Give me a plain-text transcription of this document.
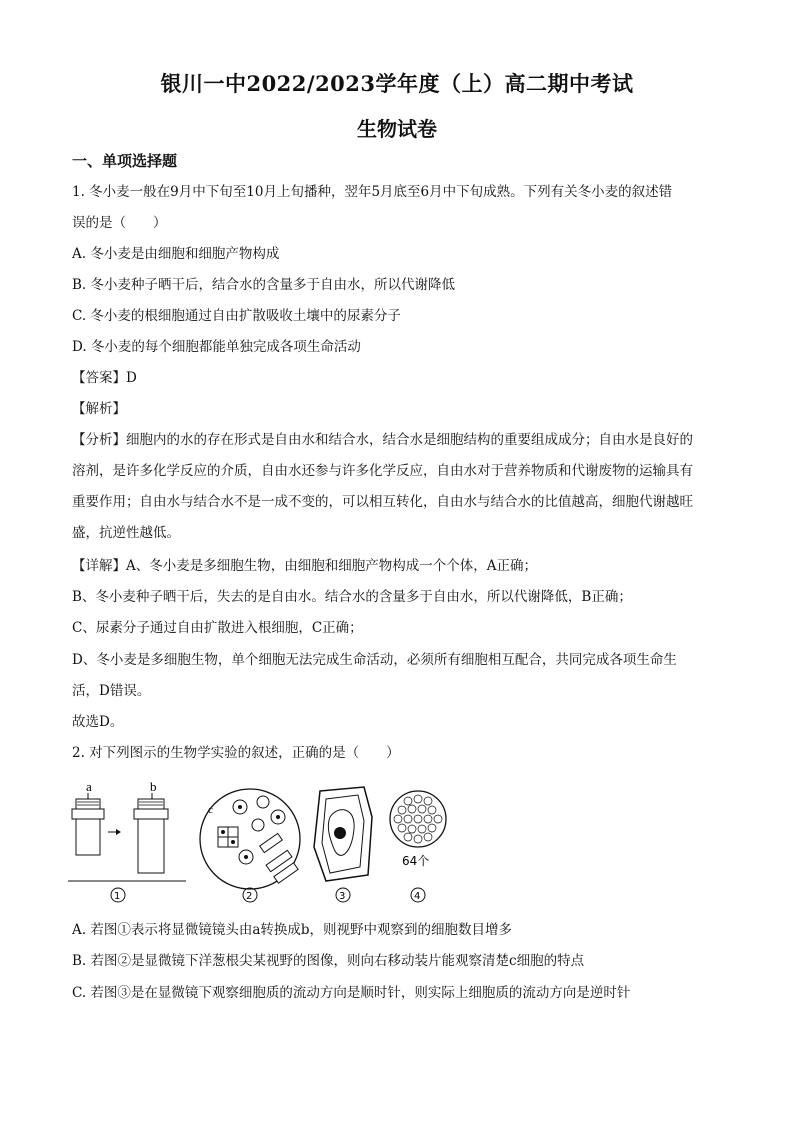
银川一中2022/2023学年度（上）高二期中考试
生物试卷
一、单项选择题
1. 冬小麦一般在9月中下旬至10月上旬播种，翌年5月底至6月中下旬成熟。下列有关冬小麦的叙述错
误的是（　　）
A. 冬小麦是由细胞和细胞产物构成
B. 冬小麦种子晒干后，结合水的含量多于自由水，所以代谢降低
C. 冬小麦的根细胞通过自由扩散吸收土壤中的尿素分子
D. 冬小麦的每个细胞都能单独完成各项生命活动
【答案】D
【解析】
【分析】细胞内的水的存在形式是自由水和结合水，结合水是细胞结构的重要组成成分；自由水是良好的
溶剂，是许多化学反应的介质，自由水还参与许多化学反应，自由水对于营养物质和代谢废物的运输具有
重要作用；自由水与结合水不是一成不变的，可以相互转化，自由水与结合水的比值越高，细胞代谢越旺
盛，抗逆性越低。
【详解】A、冬小麦是多细胞生物，由细胞和细胞产物构成一个个体，A正确；
B、冬小麦种子晒干后，失去的是自由水。结合水的含量多于自由水，所以代谢降低，B正确；
C、尿素分子通过自由扩散进入根细胞，C正确；
D、冬小麦是多细胞生物，单个细胞无法完成生命活动，必须所有细胞相互配合，共同完成各项生命生
活，D错误。
故选D。
2. 对下列图示的生物学实验的叙述，正确的是（　　）
a	b
1
c
2	3
64个
4
A. 若图①表示将显微镜镜头由a转换成b，则视野中观察到的细胞数目增多
B. 若图②是显微镜下洋葱根尖某视野的图像，则向右移动装片能观察清楚c细胞的特点
C. 若图③是在显微镜下观察细胞质的流动方向是顺时针，则实际上细胞质的流动方向是逆时针
